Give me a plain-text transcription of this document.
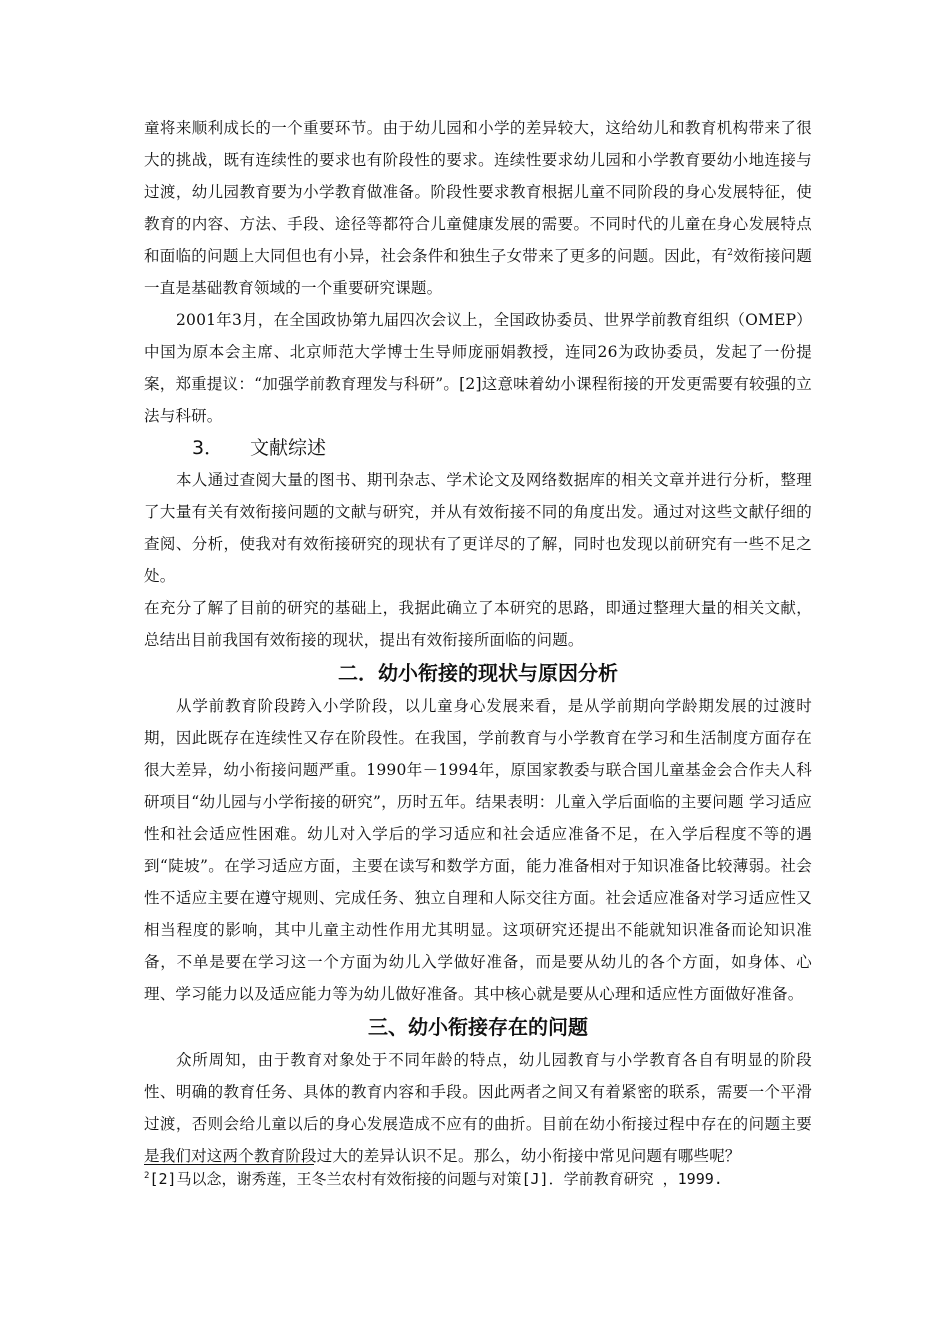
童将来顺利成长的一个重要环节。由于幼儿园和小学的差异较大，这给幼儿和教育机构带来了很大的挑战，既有连续性的要求也有阶段性的要求。连续性要求幼儿园和小学教育要幼小地连接与过渡，幼儿园教育要为小学教育做准备。阶段性要求教育根据儿童不同阶段的身心发展特征，使教育的内容、方法、手段、途径等都符合儿童健康发展的需要。不同时代的儿童在身心发展特点和面临的问题上大同但也有小异，社会条件和独生子女带来了更多的问题。因此，有$^2$效衔接问题一直是基础教育领域的一个重要研究课题。

2001年3月，在全国政协第九届四次会议上，全国政协委员、世界学前教育组织（OMEP）中国为原本会主席、北京师范大学博士生导师庞丽娟教授，连同26为政协委员，发起了一份提案，郑重提议：“加强学前教育理发与科研”。[2]这意味着幼小课程衔接的开发更需要有较强的立法与科研。

3． 文献综述

本人通过查阅大量的图书、期刊杂志、学术论文及网络数据库的相关文章并进行分析，整理了大量有关有效衔接问题的文献与研究，并从有效衔接不同的角度出发。通过对这些文献仔细的查阅、分析，使我对有效衔接研究的现状有了更详尽的了解，同时也发现以前研究有一些不足之处。

在充分了解了目前的研究的基础上，我据此确立了本研究的思路，即通过整理大量的相关文献，总结出目前我国有效衔接的现状，提出有效衔接所面临的问题。

二．幼小衔接的现状与原因分析

从学前教育阶段跨入小学阶段，以儿童身心发展来看，是从学前期向学龄期发展的过渡时期，因此既存在连续性又存在阶段性。在我国，学前教育与小学教育在学习和生活制度方面存在很大差异，幼小衔接问题严重。1990年－1994年，原国家教委与联合国儿童基金会合作夫人科研项目“幼儿园与小学衔接的研究”，历时五年。结果表明：儿童入学后面临的主要问题 学习适应性和社会适应性困难。幼儿对入学后的学习适应和社会适应准备不足，在入学后程度不等的遇到“陡坡”。在学习适应方面，主要在读写和数学方面，能力准备相对于知识准备比较薄弱。社会性不适应主要在遵守规则、完成任务、独立自理和人际交往方面。社会适应准备对学习适应性又相当程度的影响，其中儿童主动性作用尤其明显。这项研究还提出不能就知识准备而论知识准备，不单是要在学习这一个方面为幼儿入学做好准备，而是要从幼儿的各个方面，如身体、心理、学习能力以及适应能力等为幼儿做好准备。其中核心就是要从心理和适应性方面做好准备。

三、幼小衔接存在的问题

众所周知，由于教育对象处于不同年龄的特点，幼儿园教育与小学教育各自有明显的阶段性、明确的教育任务、具体的教育内容和手段。因此两者之间又有着紧密的联系，需要一个平滑过渡，否则会给儿童以后的身心发展造成不应有的曲折。目前在幼小衔接过程中存在的问题主要是我们对这两个教育阶段过大的差异认识不足。那么，幼小衔接中常见问题有哪些呢？

$^2$[2]马以念，谢秀莲，王冬兰农村有效衔接的问题与对策[J]．学前教育研究 ，1999.
